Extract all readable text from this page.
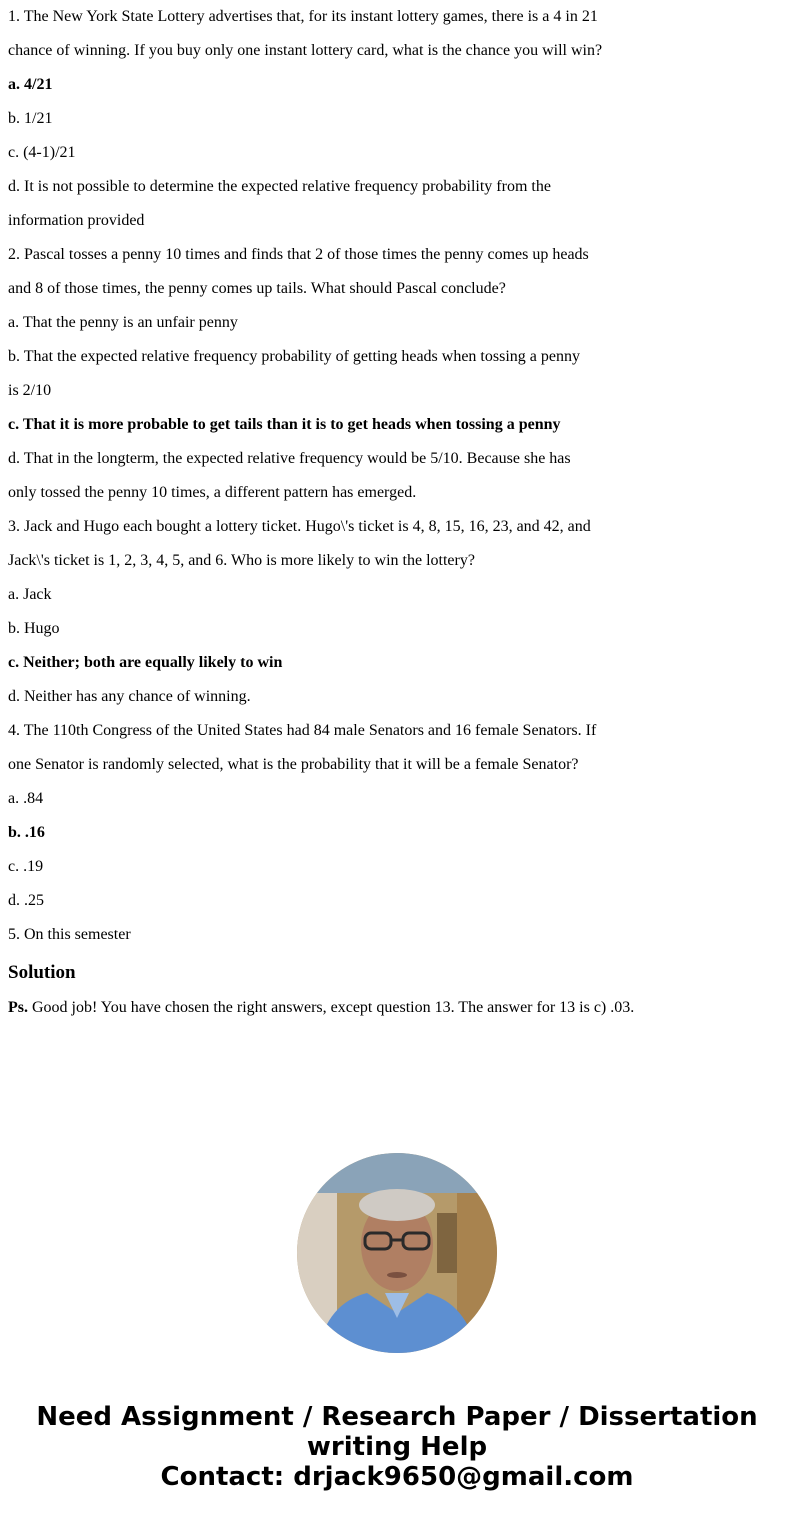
1. The New York State Lottery advertises that, for its instant lottery games, there is a 4 in 21
chance of winning. If you buy only one instant lottery card, what is the chance you will win?
a. 4/21
b. 1/21
c. (4-1)/21
d. It is not possible to determine the expected relative frequency probability from the
information provided
2. Pascal tosses a penny 10 times and finds that 2 of those times the penny comes up heads
and 8 of those times, the penny comes up tails. What should Pascal conclude?
a. That the penny is an unfair penny
b. That the expected relative frequency probability of getting heads when tossing a penny
is 2/10
c. That it is more probable to get tails than it is to get heads when tossing a penny
d. That in the longterm, the expected relative frequency would be 5/10. Because she has
only tossed the penny 10 times, a different pattern has emerged.
3. Jack and Hugo each bought a lottery ticket. Hugo\'s ticket is 4, 8, 15, 16, 23, and 42, and
Jack\'s ticket is 1, 2, 3, 4, 5, and 6. Who is more likely to win the lottery?
a. Jack
b. Hugo
c. Neither; both are equally likely to win
d. Neither has any chance of winning.
4. The 110th Congress of the United States had 84 male Senators and 16 female Senators. If
one Senator is randomly selected, what is the probability that it will be a female Senator?
a. .84
b. .16
c. .19
d. .25
5. On this semester
Solution
Ps. Good job! You have chosen the right answers, except question 13. The answer for 13 is c) .03.
Need Assignment / Research Paper / Dissertation
writing Help
Contact: drjack9650@gmail.com
